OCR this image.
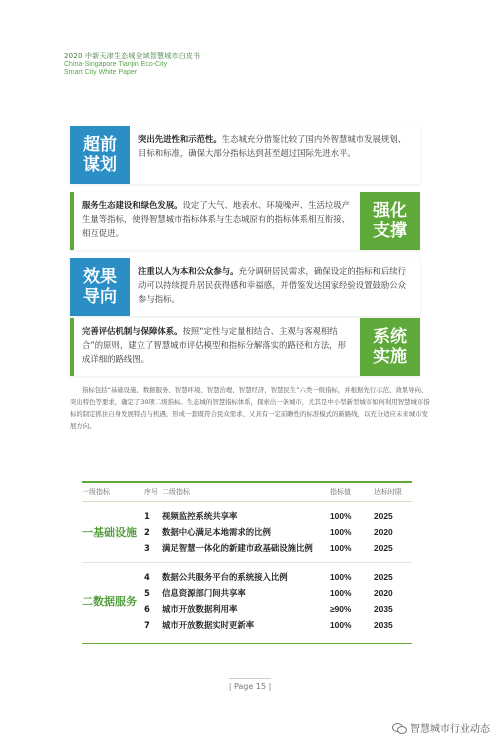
2020 中新天津生态城全域智慧城市白皮书
China-Singapore Tianjin Eco-City
Smart City White Paper
超前
谋划
突出先进性和示范性。生态城充分借鉴比较了国内外智慧城市发展规划、目标和标准，确保大部分指标达到甚至超过国际先进水平。
服务生态建设和绿色发展。设定了大气、地表水、环境噪声、生活垃圾产生量等指标，使得智慧城市指标体系与生态城原有的指标体系相互衔接、相互促进。
强化
支撑
效果
导向
注重以人为本和公众参与。充分调研居民需求，确保设定的指标和后续行动可以持续提升居民获得感和幸福感，并借鉴发达国家经验设置鼓励公众参与指标。
完善评估机制与保障体系。按照“定性与定量相结合、主观与客观相结合”的原则，建立了智慧城市评估模型和指标分解落实的路径和方法，形成详细的路线图。
系统
实施
指标包括“基础设施、数据服务、智慧环境、智慧治理、智慧经济、智慧民生”六类一级指标，并根据先行示范、效果导向、突出特色等要求，确定了30项二级指标。生态城的智慧指标体系，探索出一条城市，尤其是中小型新型城市如何利用智慧城市指标的制定抓住自身发展特点与机遇，形成一套既符合民众需求、又具有一定前瞻性的标准模式的新路线，以充分适应未来城市发展方向。
一级指标	序号 二级指标	指标值	达标时限
一基础设施
1	视频监控系统共享率	100%	2025
2	数据中心满足本地需求的比例	100%	2020
3	满足智慧一体化的新建市政基础设施比例	100%	2025
二数据服务
4	数据公共服务平台的系统接入比例	100%	2025
5	信息资源部门间共享率	100%	2020
6	城市开放数据利用率	≥90%	2035
7	城市开放数据实时更新率	100%	2035
| Page 15 |
智慧城市行业动态
